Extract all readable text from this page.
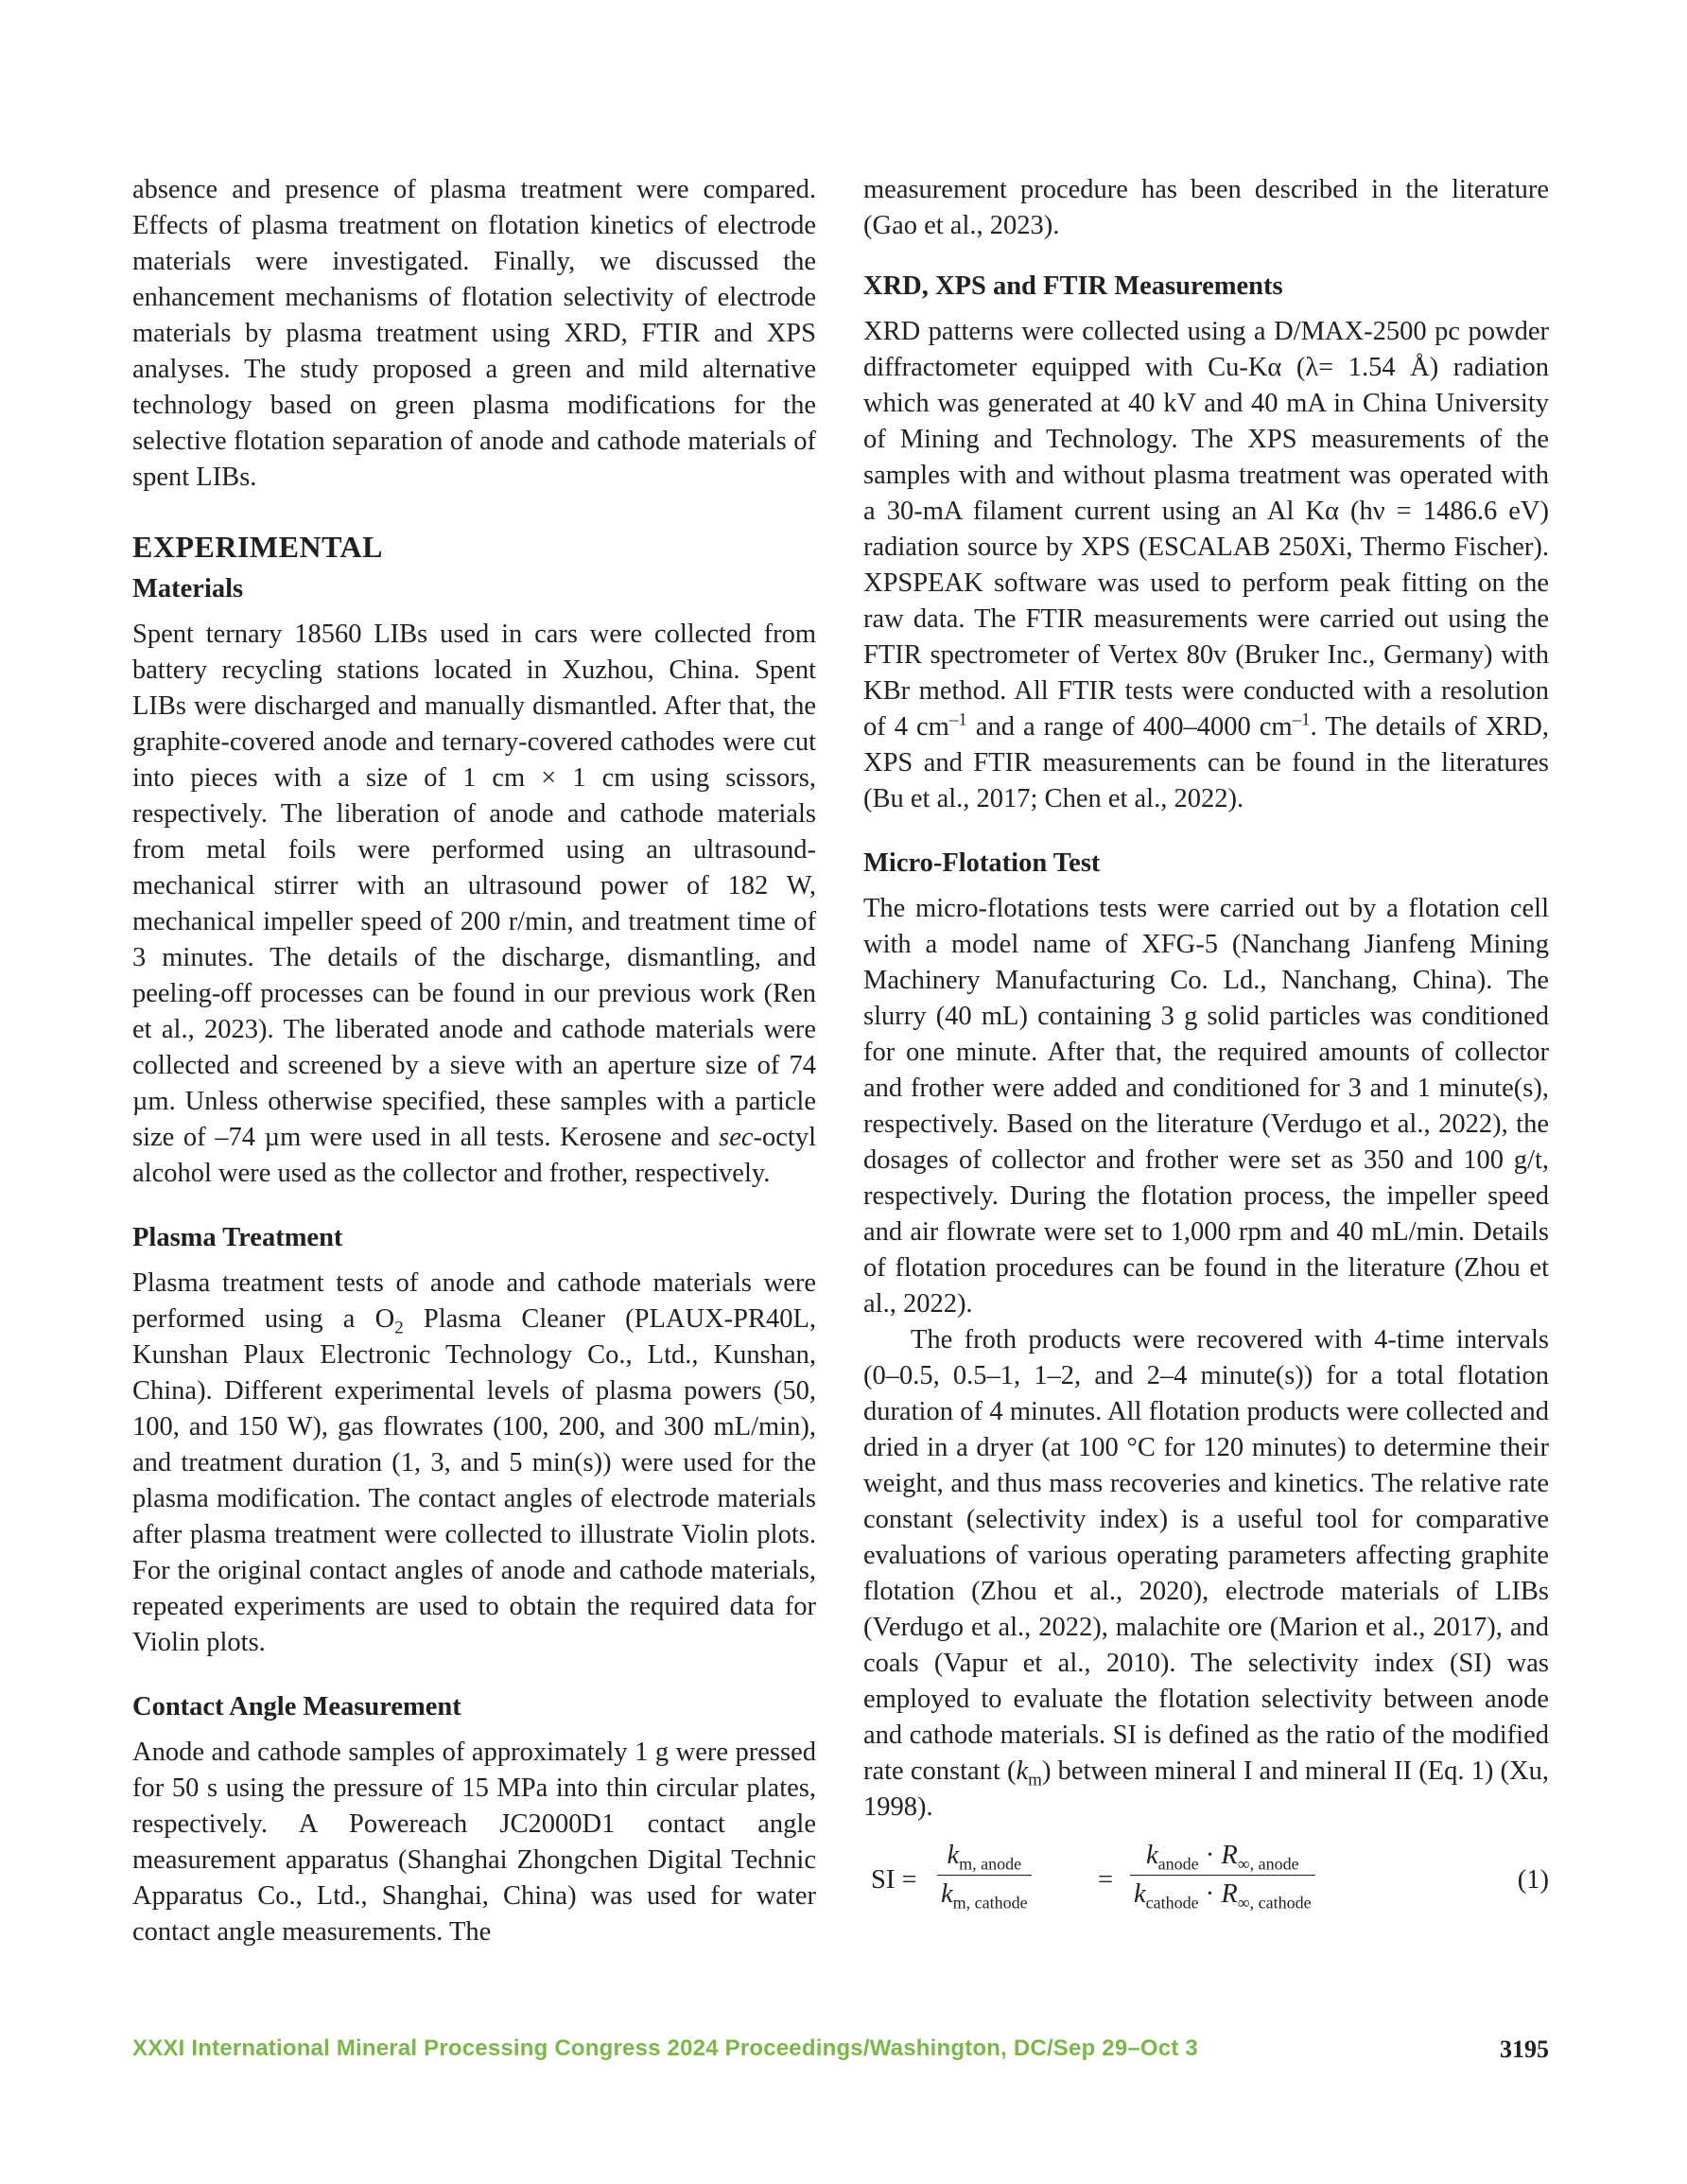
absence and presence of plasma treatment were compared. Effects of plasma treatment on flotation kinetics of electrode materials were investigated. Finally, we discussed the enhancement mechanisms of flotation selectivity of electrode materials by plasma treatment using XRD, FTIR and XPS analyses. The study proposed a green and mild alternative technology based on green plasma modifications for the selective flotation separation of anode and cathode materials of spent LIBs.

EXPERIMENTAL
Materials

Spent ternary 18560 LIBs used in cars were collected from battery recycling stations located in Xuzhou, China. Spent LIBs were discharged and manually dismantled. After that, the graphite-covered anode and ternary-covered cathodes were cut into pieces with a size of 1 cm × 1 cm using scissors, respectively. The liberation of anode and cathode materials from metal foils were performed using an ultrasound-mechanical stirrer with an ultrasound power of 182 W, mechanical impeller speed of 200 r/min, and treatment time of 3 minutes. The details of the discharge, dismantling, and peeling-off processes can be found in our previous work (Ren et al., 2023). The liberated anode and cathode materials were collected and screened by a sieve with an aperture size of 74 µm. Unless otherwise specified, these samples with a particle size of –74 µm were used in all tests. Kerosene and sec-octyl alcohol were used as the collector and frother, respectively.

Plasma Treatment

Plasma treatment tests of anode and cathode materials were performed using a $O_2$ Plasma Cleaner (PLAUX-PR40L, Kunshan Plaux Electronic Technology Co., Ltd., Kunshan, China). Different experimental levels of plasma powers (50, 100, and 150 W), gas flowrates (100, 200, and 300 mL/min), and treatment duration (1, 3, and 5 min(s)) were used for the plasma modification. The contact angles of electrode materials after plasma treatment were collected to illustrate Violin plots. For the original contact angles of anode and cathode materials, repeated experiments are used to obtain the required data for Violin plots.

Contact Angle Measurement

Anode and cathode samples of approximately 1 g were pressed for 50 s using the pressure of 15 MPa into thin circular plates, respectively. A Powereach JC2000D1 contact angle measurement apparatus (Shanghai Zhongchen Digital Technic Apparatus Co., Ltd., Shanghai, China) was used for water contact angle measurements. The

measurement procedure has been described in the literature (Gao et al., 2023).

XRD, XPS and FTIR Measurements

XRD patterns were collected using a D/MAX-2500 pc powder diffractometer equipped with Cu-Kα (λ= 1.54 Å) radiation which was generated at 40 kV and 40 mA in China University of Mining and Technology. The XPS measurements of the samples with and without plasma treatment was operated with a 30-mA filament current using an Al Kα (hν = 1486.6 eV) radiation source by XPS (ESCALAB 250Xi, Thermo Fischer). XPSPEAK software was used to perform peak fitting on the raw data. The FTIR measurements were carried out using the FTIR spectrometer of Vertex 80v (Bruker Inc., Germany) with KBr method. All FTIR tests were conducted with a resolution of 4 $cm^{-1}$ and a range of 400–4000 $cm^{-1}$. The details of XRD, XPS and FTIR measurements can be found in the literatures (Bu et al., 2017; Chen et al., 2022).

Micro-Flotation Test

The micro-flotations tests were carried out by a flotation cell with a model name of XFG-5 (Nanchang Jianfeng Mining Machinery Manufacturing Co. Ld., Nanchang, China). The slurry (40 mL) containing 3 g solid particles was conditioned for one minute. After that, the required amounts of collector and frother were added and conditioned for 3 and 1 minute(s), respectively. Based on the literature (Verdugo et al., 2022), the dosages of collector and frother were set as 350 and 100 g/t, respectively. During the flotation process, the impeller speed and air flowrate were set to 1,000 rpm and 40 mL/min. Details of flotation procedures can be found in the literature (Zhou et al., 2022).

The froth products were recovered with 4-time intervals (0–0.5, 0.5–1, 1–2, and 2–4 minute(s)) for a total flotation duration of 4 minutes. All flotation products were collected and dried in a dryer (at 100 °C for 120 minutes) to determine their weight, and thus mass recoveries and kinetics. The relative rate constant (selectivity index) is a useful tool for comparative evaluations of various operating parameters affecting graphite flotation (Zhou et al., 2020), electrode materials of LIBs (Verdugo et al., 2022), malachite ore (Marion et al., 2017), and coals (Vapur et al., 2010). The selectivity index (SI) was employed to evaluate the flotation selectivity between anode and cathode materials. SI is defined as the ratio of the modified rate constant $(k_m)$ between mineral I and mineral II (Eq. 1) (Xu, 1998).

SI =
$k_{m, anode}$
$k_{m, cathode}$
=
$k_{anode} \cdot R_{\infty, anode}$
$k_{cathode} \cdot R_{\infty, cathode}$
(1)
XXXI International Mineral Processing Congress 2024 Proceedings/Washington, DC/Sep 29–Oct 3	3195
